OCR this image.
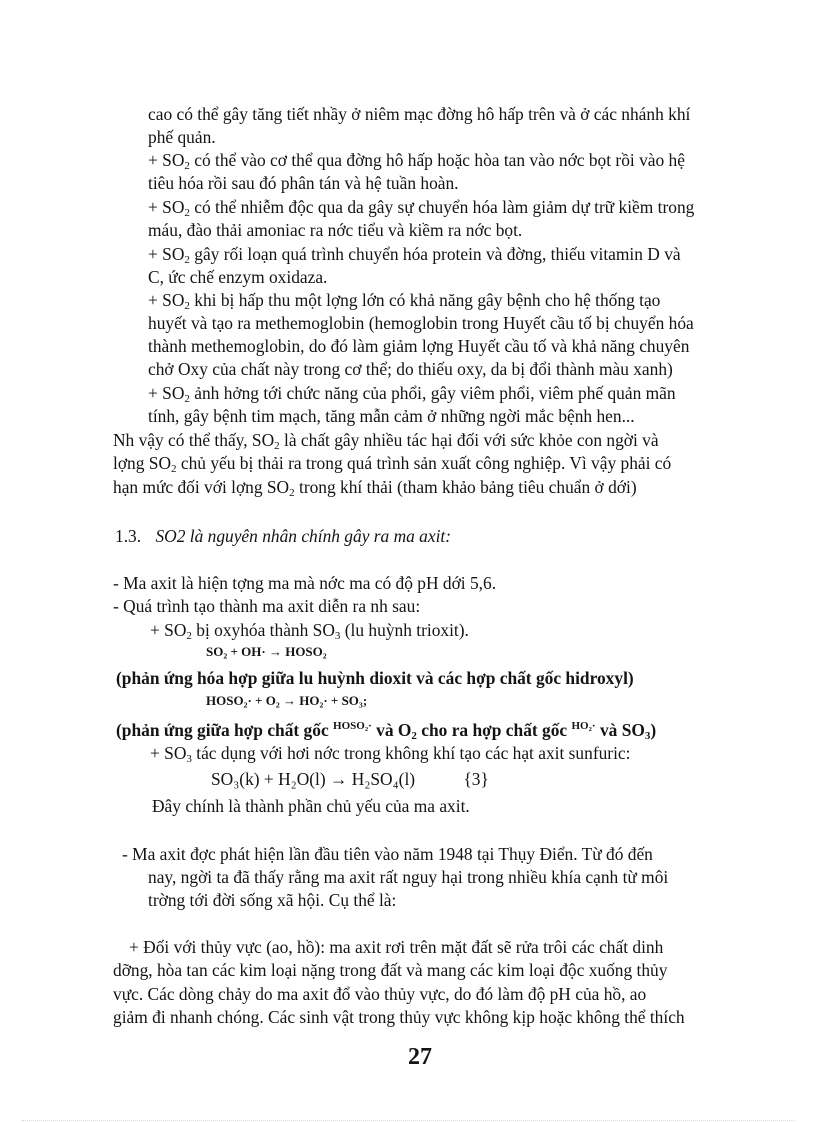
cao có thể gây tăng tiết nhầy ở niêm mạc đờng hô hấp trên và ở các nhánh khí
phế quản.
+ $SO_2$ có thể vào cơ thể qua đờng hô hấp hoặc hòa tan vào nớc bọt rồi vào hệ
tiêu hóa rồi sau đó phân tán và hệ tuần hoàn.
+ $SO_2$ có thể nhiễm độc qua da gây sự chuyển hóa làm giảm dự trữ kiềm trong
máu, đào thải amoniac ra nớc tiểu và kiềm ra nớc bọt.
+ $SO_2$ gây rối loạn quá trình chuyển hóa protein và đờng, thiếu vitamin D và
C, ức chế enzym oxidaza.
+ $SO_2$ khi bị hấp thu một lợng lớn có khả năng gây bệnh cho hệ thống tạo
huyết và tạo ra methemoglobin (hemoglobin trong Huyết cầu tố bị chuyển hóa
thành methemoglobin, do đó làm giảm lợng Huyết cầu tố và khả năng chuyên
chở Oxy của chất này trong cơ thể; do thiếu oxy, da bị đổi thành màu xanh)
+ $SO_2$ ảnh hởng tới chức năng của phổi, gây viêm phổi, viêm phế quản mãn
tính, gây bệnh tim mạch, tăng mẫn cảm ở những ngời mắc bệnh hen...
Nh vậy có thể thấy, $SO_2$ là chất gây nhiều tác hại đối với sức khỏe con ngời và
lợng $SO_2$ chủ yếu bị thải ra trong quá trình sản xuất công nghiệp. Vì vậy phải có
hạn mức đối với lợng $SO_2$ trong khí thải (tham khảo bảng tiêu chuẩn ở dới)
1.3. SO2 là nguyên nhân chính gây ra ma axit:
- Ma axit là hiện tợng ma mà nớc ma có độ pH dới 5,6.
- Quá trình tạo thành ma axit diễn ra nh sau:
+ $SO_2$ bị oxyhóa thành $SO_3$ (lu huỳnh trioxit).
SO₂ + OH· → HOSO₂
(phản ứng hóa hợp giữa lu huỳnh dioxit và các hợp chất gốc hidroxyl)
HOSO₂· + O₂ → HO₂· + SO₃;
(phản ứng giữa hợp chất gốc $^{HOSO_2\cdot}$ và $O_2$ cho ra hợp chất gốc $^{HO_2\cdot}$ và $SO_3$)
+ $SO_3$ tác dụng với hơi nớc trong không khí tạo các hạt axit sunfuric:
SO₃(k) + H₂O(l) → H₂SO₄(l)	{3}
Đây chính là thành phần chủ yếu của ma axit.
- Ma axit đợc phát hiện lần đầu tiên vào năm 1948 tại Thụy Điển. Từ đó đến
nay, ngời ta đã thấy rằng ma axit rất nguy hại trong nhiều khía cạnh từ môi
trờng tới đời sống xã hội. Cụ thể là:
+ Đối với thủy vực (ao, hồ): ma axit rơi trên mặt đất sẽ rửa trôi các chất dinh
dỡng, hòa tan các kim loại nặng trong đất và mang các kim loại độc xuống thủy
vực. Các dòng chảy do ma axit đổ vào thủy vực, do đó làm độ pH của hồ, ao
giảm đi nhanh chóng. Các sinh vật trong thủy vực không kịp hoặc không thể thích
27
